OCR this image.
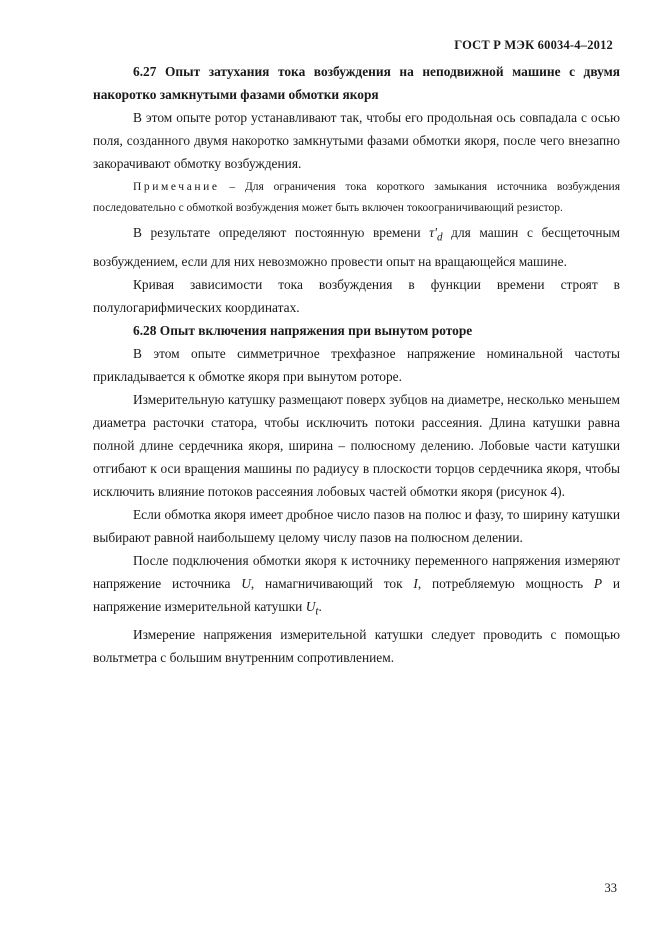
ГОСТ Р МЭК 60034-4–2012

6.27 Опыт затухания тока возбуждения на неподвижной машине с двумя накоротко замкнутыми фазами обмотки якоря

В этом опыте ротор устанавливают так, чтобы его продольная ось совпадала с осью поля, созданного двумя накоротко замкнутыми фазами обмотки якоря, после чего внезапно закорачивают обмотку возбуждения.

Примечание – Для ограничения тока короткого замыкания источника возбуждения последовательно с обмоткой возбуждения может быть включен токоограничивающий резистор.

В результате определяют постоянную времени $\tau'_d$ для машин с бесщеточным возбуждением, если для них невозможно провести опыт на вращающейся машине.

Кривая зависимости тока возбуждения в функции времени строят в полулогарифмических координатах.

6.28 Опыт включения напряжения при вынутом роторе

В этом опыте симметричное трехфазное напряжение номинальной частоты прикладывается к обмотке якоря при вынутом роторе.

Измерительную катушку размещают поверх зубцов на диаметре, несколько меньшем диаметра расточки статора, чтобы исключить потоки рассеяния. Длина катушки равна полной длине сердечника якоря, ширина – полюсному делению. Лобовые части катушки отгибают к оси вращения машины по радиусу в плоскости торцов сердечника якоря, чтобы исключить влияние потоков рассеяния лобовых частей обмотки якоря (рисунок 4).

Если обмотка якоря имеет дробное число пазов на полюс и фазу, то ширину катушки выбирают равной наибольшему целому числу пазов на полюсном делении.

После подключения обмотки якоря к источнику переменного напряжения измеряют напряжение источника U, намагничивающий ток I, потребляемую мощность P и напряжение измерительной катушки $U_t$.

Измерение напряжения измерительной катушки следует проводить с помощью вольтметра с большим внутренним сопротивлением.

33
